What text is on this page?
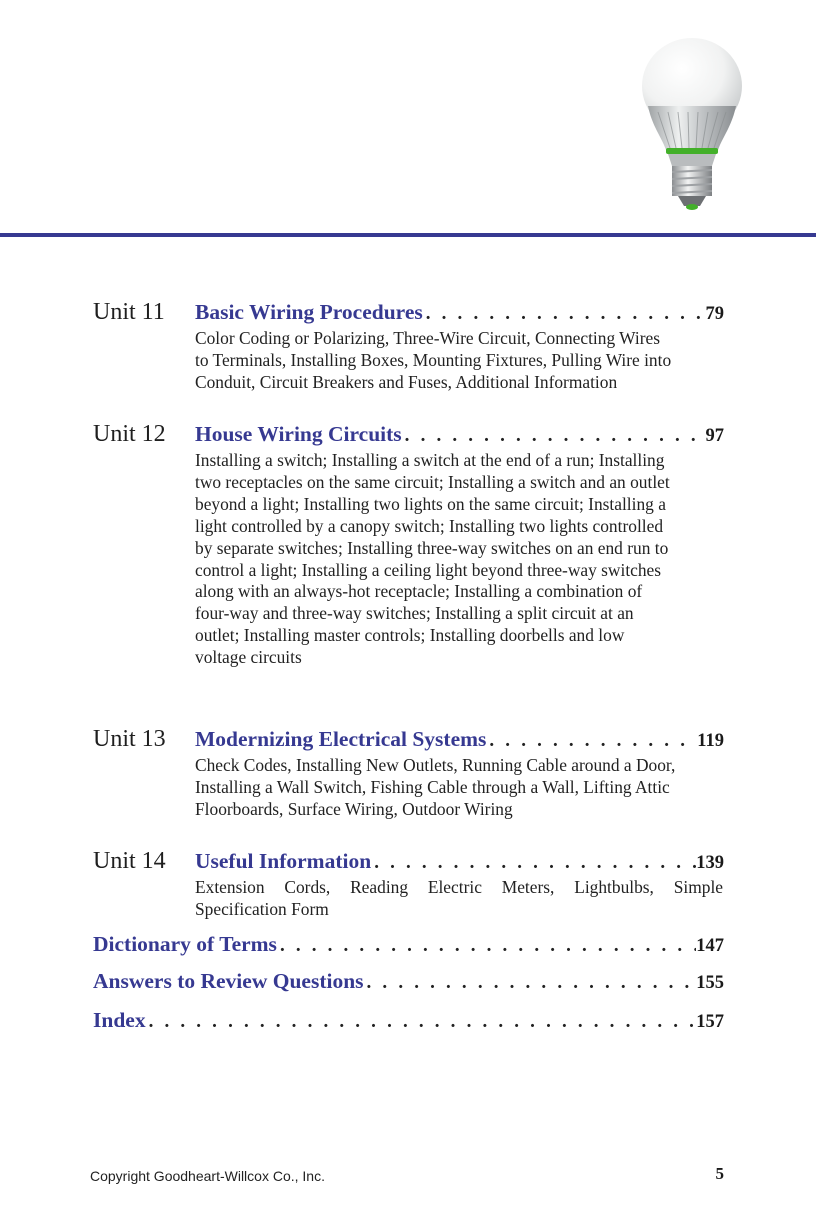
Unit 11 Basic Wiring Procedures . . .	79
Color Coding or Polarizing, Three-Wire Circuit, Connecting Wires to Terminals, Installing Boxes, Mounting Fixtures, Pulling Wire into Conduit, Circuit Breakers and Fuses, Additional Information
Unit 12 House Wiring Circuits . . .	97
Installing a switch; Installing a switch at the end of a run; Installing two receptacles on the same circuit; Installing a switch and an outlet beyond a light; Installing two lights on the same circuit; Installing a light controlled by a canopy switch; Installing two lights controlled by separate switches; Installing three-way switches on an end run to control a light; Installing a ceiling light beyond three-way switches along with an always-hot receptacle; Installing a combination of four-way and three-way switches; Installing a split circuit at an outlet; Installing master controls; Installing doorbells and low voltage circuits
Unit 13 Modernizing Electrical Systems . . .	119
Check Codes, Installing New Outlets, Running Cable around a Door, Installing a Wall Switch, Fishing Cable through a Wall, Lifting Attic Floorboards, Surface Wiring, Outdoor Wiring
Unit 14 Useful Information . . .	139
Extension Cords, Reading Electric Meters, Lightbulbs, Simple Specification Form
Dictionary of Terms . . .	147
Answers to Review Questions . . .	155
Index . . .	157
Copyright Goodheart-Willcox Co., Inc.	5
